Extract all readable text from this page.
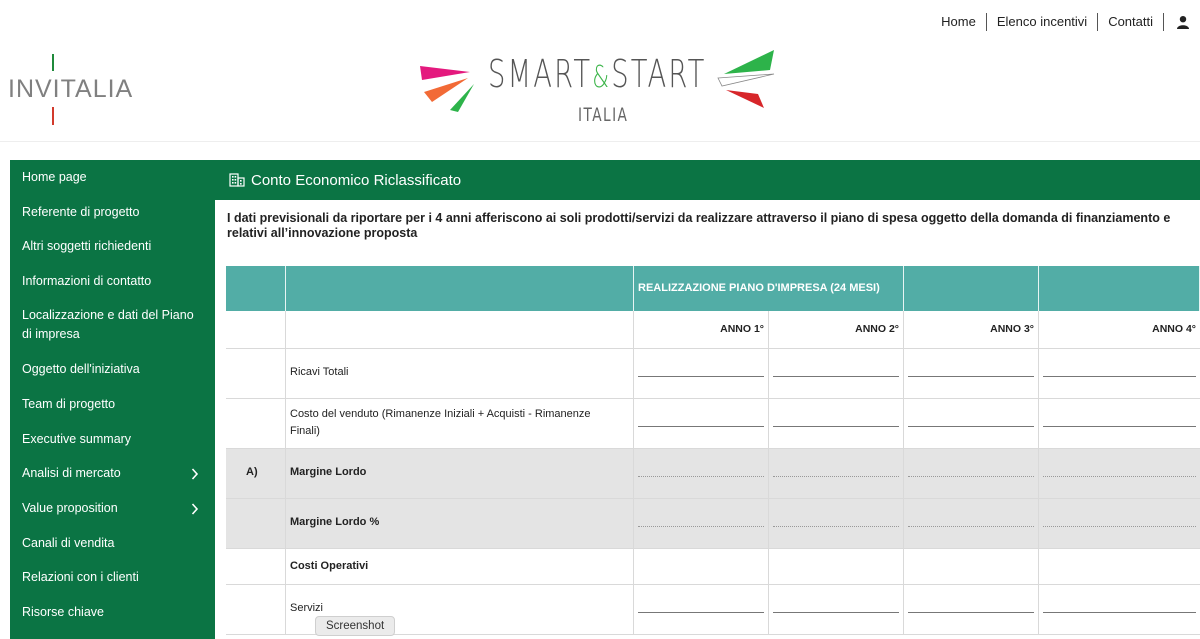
INVITALIA	SMART&START
ITALIA
Home	Elenco incentivi	Contatti
Home page
Referente di progetto
Altri soggetti richiedenti
Informazioni di contatto
Localizzazione e dati del Piano di impresa
Oggetto dell'iniziativa
Team di progetto
Executive summary
Analisi di mercato
Value proposition
Canali di vendita
Relazioni con i clienti
Risorse chiave
Conto Economico Riclassificato
I dati previsionali da riportare per i 4 anni afferiscono ai soli prodotti/servizi da realizzare attraverso il piano di spesa oggetto della domanda di finanziamento e relativi all’innovazione proposta
REALIZZAZIONE PIANO D'IMPRESA (24 MESI)
ANNO 1°	ANNO 2°	ANNO 3°	ANNO 4°
Ricavi Totali
Costo del venduto (Rimanenze Iniziali + Acquisti - Rimanenze Finali)
A)	Margine Lordo
Margine Lordo %
Costi Operativi
Servizi
Screenshot
